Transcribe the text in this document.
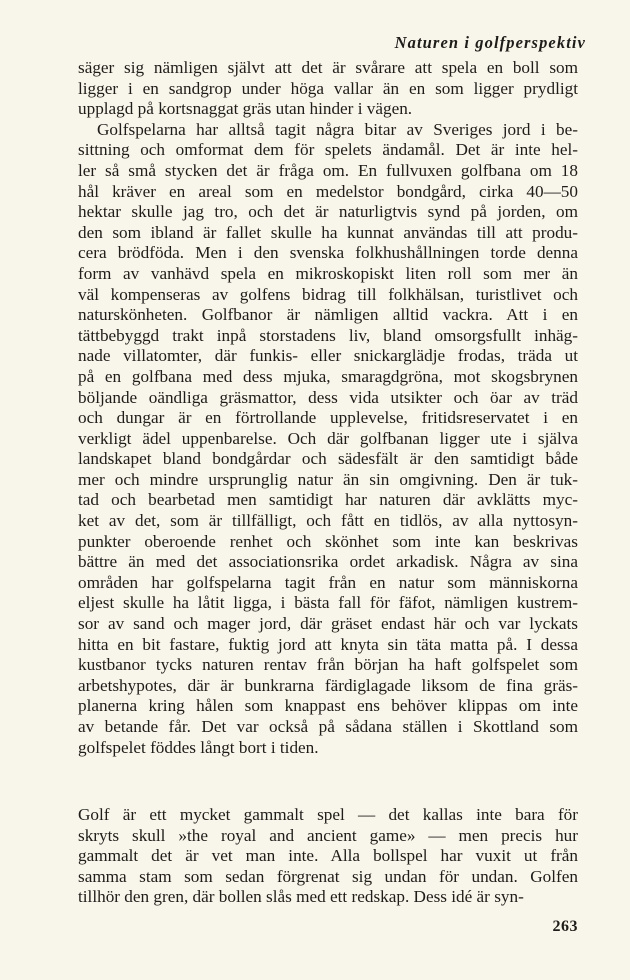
Naturen i golfperspektiv
säger sig nämligen självt att det är svårare att spela en boll som
ligger i en sandgrop under höga vallar än en som ligger prydligt
upplagd på kortsnaggat gräs utan hinder i vägen.
Golfspelarna har alltså tagit några bitar av Sveriges jord i be-
sittning och omformat dem för spelets ändamål. Det är inte hel-
ler så små stycken det är fråga om. En fullvuxen golfbana om 18
hål kräver en areal som en medelstor bondgård, cirka 40—50
hektar skulle jag tro, och det är naturligtvis synd på jorden, om
den som ibland är fallet skulle ha kunnat användas till att produ-
cera brödföda. Men i den svenska folkhushållningen torde denna
form av vanhävd spela en mikroskopiskt liten roll som mer än
väl kompenseras av golfens bidrag till folkhälsan, turistlivet och
naturskönheten. Golfbanor är nämligen alltid vackra. Att i en
tättbebyggd trakt inpå storstadens liv, bland omsorgsfullt inhäg-
nade villatomter, där funkis- eller snickarglädje frodas, träda ut
på en golfbana med dess mjuka, smaragdgröna, mot skogsbrynen
böljande oändliga gräsmattor, dess vida utsikter och öar av träd
och dungar är en förtrollande upplevelse, fritidsreservatet i en
verkligt ädel uppenbarelse. Och där golfbanan ligger ute i själva
landskapet bland bondgårdar och sädesfält är den samtidigt både
mer och mindre ursprunglig natur än sin omgivning. Den är tuk-
tad och bearbetad men samtidigt har naturen där avklätts myc-
ket av det, som är tillfälligt, och fått en tidlös, av alla nyttosyn-
punkter oberoende renhet och skönhet som inte kan beskrivas
bättre än med det associationsrika ordet arkadisk. Några av sina
områden har golfspelarna tagit från en natur som människorna
eljest skulle ha låtit ligga, i bästa fall för fäfot, nämligen kustrem-
sor av sand och mager jord, där gräset endast här och var lyckats
hitta en bit fastare, fuktig jord att knyta sin täta matta på. I dessa
kustbanor tycks naturen rentav från början ha haft golfspelet som
arbetshypotes, där är bunkrarna färdiglagade liksom de fina gräs-
planerna kring hålen som knappast ens behöver klippas om inte
av betande får. Det var också på sådana ställen i Skottland som
golfspelet föddes långt bort i tiden.
Golf är ett mycket gammalt spel — det kallas inte bara för
skryts skull »the royal and ancient game» — men precis hur
gammalt det är vet man inte. Alla bollspel har vuxit ut från
samma stam som sedan förgrenat sig undan för undan. Golfen
tillhör den gren, där bollen slås med ett redskap. Dess idé är syn-
263
